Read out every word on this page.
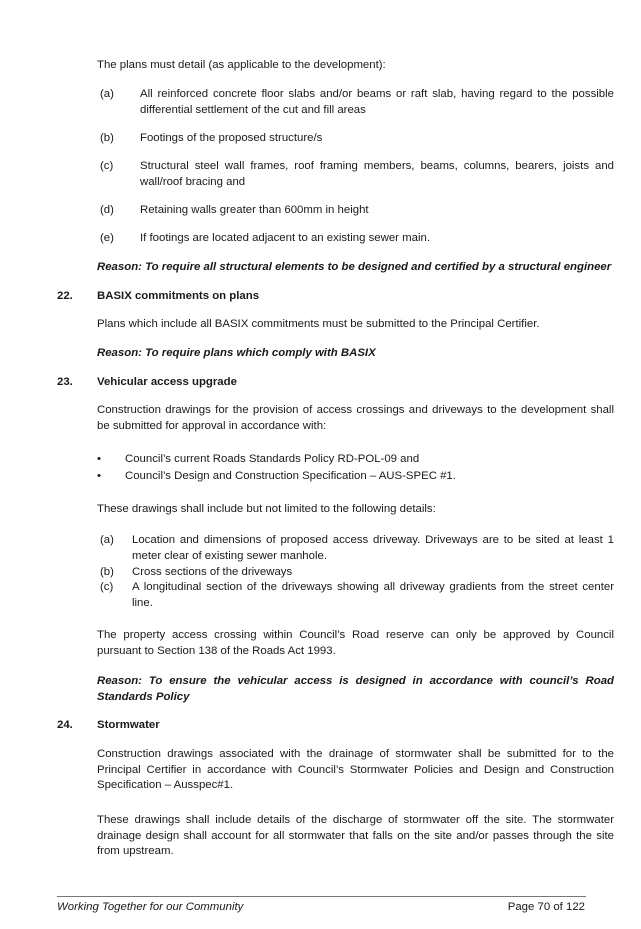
The plans must detail (as applicable to the development):

(a) All reinforced concrete floor slabs and/or beams or raft slab, having regard to the possible differential settlement of the cut and fill areas
(b) Footings of the proposed structure/s
(c) Structural steel wall frames, roof framing members, beams, columns, bearers, joists and wall/roof bracing and
(d) Retaining walls greater than 600mm in height
(e) If footings are located adjacent to an existing sewer main.

Reason: To require all structural elements to be designed and certified by a structural engineer

22. BASIX commitments on plans

Plans which include all BASIX commitments must be submitted to the Principal Certifier.

Reason: To require plans which comply with BASIX

23. Vehicular access upgrade

Construction drawings for the provision of access crossings and driveways to the development shall be submitted for approval in accordance with:

• Council’s current Roads Standards Policy RD-POL-09 and
• Council’s Design and Construction Specification – AUS-SPEC #1.

These drawings shall include but not limited to the following details:

(a) Location and dimensions of proposed access driveway. Driveways are to be sited at least 1 meter clear of existing sewer manhole.
(b) Cross sections of the driveways
(c) A longitudinal section of the driveways showing all driveway gradients from the street center line.

The property access crossing within Council’s Road reserve can only be approved by Council pursuant to Section 138 of the Roads Act 1993.

Reason: To ensure the vehicular access is designed in accordance with council’s Road Standards Policy

24. Stormwater

Construction drawings associated with the drainage of stormwater shall be submitted for to the Principal Certifier in accordance with Council’s Stormwater Policies and Design and Construction Specification – Ausspec#1.

These drawings shall include details of the discharge of stormwater off the site. The stormwater drainage design shall account for all stormwater that falls on the site and/or passes through the site from upstream.

Working Together for our Community	Page 70 of 122
